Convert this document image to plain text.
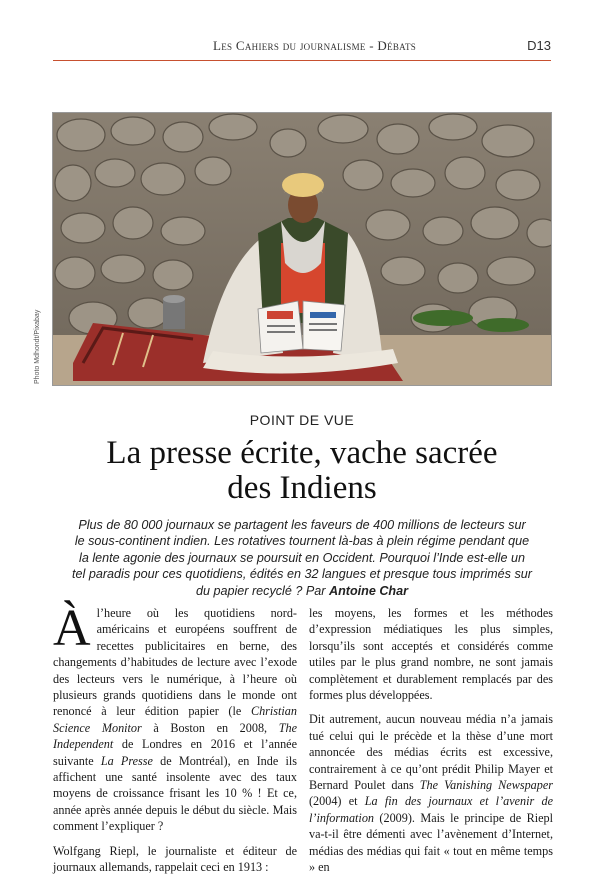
Les Cahiers du journalisme - Débats	D13
Photo Mdhondt/Pixabay
POINT DE VUE
La presse écrite, vache sacrée
des Indiens

Plus de 80 000 journaux se partagent les faveurs de 400 millions de lecteurs sur le sous-continent indien. Les rotatives tournent là-bas à plein régime pendant que la lente agonie des journaux se poursuit en Occident. Pourquoi l’Inde est-elle un tel paradis pour ces quotidiens, édités en 32 langues et presque tous imprimés sur du papier recyclé ? Par Antoine Char

Àl’heure où les quotidiens nord-américains et européens souffrent de recettes publicitaires en berne, des changements d’habitudes de lecture avec l’exode des lecteurs vers le numérique, à l’heure où plusieurs grands quotidiens dans le monde ont renoncé à leur édition papier (le Christian Science Monitor à Boston en 2008, The Independent de Londres en 2016 et l’année suivante La Presse de Montréal), en Inde ils affichent une santé insolente avec des taux moyens de croissance frisant les 10 % ! Et ce, année après année depuis le début du siècle. Mais comment l’expliquer ?

Wolfgang Riepl, le journaliste et éditeur de journaux allemands, rappelait ceci en 1913 :

les moyens, les formes et les méthodes d’expression médiatiques les plus simples, lorsqu’ils sont acceptés et considérés comme utiles par le plus grand nombre, ne sont jamais complètement et durablement remplacés par des formes plus développées.

Dit autrement, aucun nouveau média n’a jamais tué celui qui le précède et la thèse d’une mort annoncée des médias écrits est excessive, contrairement à ce qu’ont prédit Philip Mayer et Bernard Poulet dans The Vanishing Newspaper (2004) et La fin des journaux et l’avenir de l’information (2009). Mais le principe de Riepl va-t-il être démenti avec l’avènement d’Internet, médias des médias qui fait « tout en même temps » en
